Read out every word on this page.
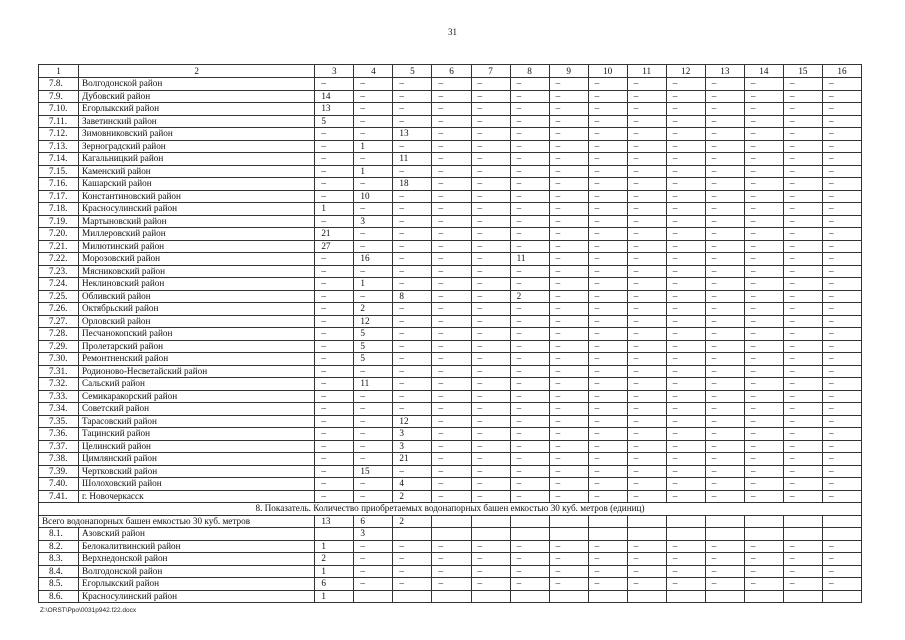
31
1	2	3	4	5	6	7	8	9	10	11	12	13	14	15	16
7.8.	Волгодонской район	–	–	–	–	–	–	–	–	–	–	–	–	–	–
7.9.	Дубовский район	14	–	–	–	–	–	–	–	–	–	–	–	–	–
7.10.	Егорлыкский район	13	–	–	–	–	–	–	–	–	–	–	–	–	–
7.11.	Заветинский район	5	–	–	–	–	–	–	–	–	–	–	–	–	–
7.12.	Зимовниковский район	–	–	13	–	–	–	–	–	–	–	–	–	–	–
7.13.	Зерноградский район	–	1	–	–	–	–	–	–	–	–	–	–	–	–
7.14.	Кагальницкий район	–	–	11	–	–	–	–	–	–	–	–	–	–	–
7.15.	Каменский район	–	1	–	–	–	–	–	–	–	–	–	–	–	–
7.16.	Кашарский район	–	–	18	–	–	–	–	–	–	–	–	–	–	–
7.17.	Константиновский район	–	10	–	–	–	–	–	–	–	–	–	–	–	–
7.18.	Красносулинский район	1	–	–	–	–	–	–	–	–	–	–	–	–	–
7.19.	Мартыновский район	–	3	–	–	–	–	–	–	–	–	–	–	–	–
7.20.	Миллеровский район	21	–	–	–	–	–	–	–	–	–	–	–	–	–
7.21.	Милютинский район	27	–	–	–	–	–	–	–	–	–	–	–	–	–
7.22.	Морозовский район	–	16	–	–	–	11	–	–	–	–	–	–	–	–
7.23.	Мясниковский район	–	–	–	–	–	–	–	–	–	–	–	–	–	–
7.24.	Неклиновский район	–	1	–	–	–	–	–	–	–	–	–	–	–	–
7.25.	Обливский район	–	–	8	–	–	2	–	–	–	–	–	–	–	–
7.26.	Октябрьский район	–	2	–	–	–	–	–	–	–	–	–	–	–	–
7.27.	Орловский район	–	12	–	–	–	–	–	–	–	–	–	–	–	–
7.28.	Песчанокопский район	–	5	–	–	–	–	–	–	–	–	–	–	–	–
7.29.	Пролетарский район	–	5	–	–	–	–	–	–	–	–	–	–	–	–
7.30.	Ремонтненский район	–	5	–	–	–	–	–	–	–	–	–	–	–	–
7.31.	Родионово-Несветайский район	–	–	–	–	–	–	–	–	–	–	–	–	–	–
7.32.	Сальский район	–	11	–	–	–	–	–	–	–	–	–	–	–	–
7.33.	Семикаракорский район	–	–	–	–	–	–	–	–	–	–	–	–	–	–
7.34.	Советский район	–	–	–	–	–	–	–	–	–	–	–	–	–	–
7.35.	Тарасовский район	–	–	12	–	–	–	–	–	–	–	–	–	–	–
7.36.	Тацинский район	–	–	3	–	–	–	–	–	–	–	–	–	–	–
7.37.	Целинский район	–	–	3	–	–	–	–	–	–	–	–	–	–	–
7.38.	Цимлянский район	–	–	21	–	–	–	–	–	–	–	–	–	–	–
7.39.	Чертковский район	–	15	–	–	–	–	–	–	–	–	–	–	–	–
7.40.	Шолоховский район	–	–	4	–	–	–	–	–	–	–	–	–	–	–
7.41.	г. Новочеркасск	–	–	2	–	–	–	–	–	–	–	–	–	–	–
8. Показатель. Количество приобретаемых водонапорных башен емкостью 30 куб. метров (единиц)															
Всего водонапорных башен емкостью 30 куб. метров		13	6	2											
8.1.	Азовский район		3												
8.2.	Белокалитвинский район	1	–	–	–	–	–	–	–	–	–	–	–	–	–
8.3.	Верхнедонской район	2	–	–	–	–	–	–	–	–	–	–	–	–	–
8.4.	Волгодонской район	1	–	–	–	–	–	–	–	–	–	–	–	–	–
8.5.	Егорлыкский район	6	–	–	–	–	–	–	–	–	–	–	–	–	–
8.6.	Красносулинский район	1													
Z:\ORST\Ppo\0031p942.f22.docx
